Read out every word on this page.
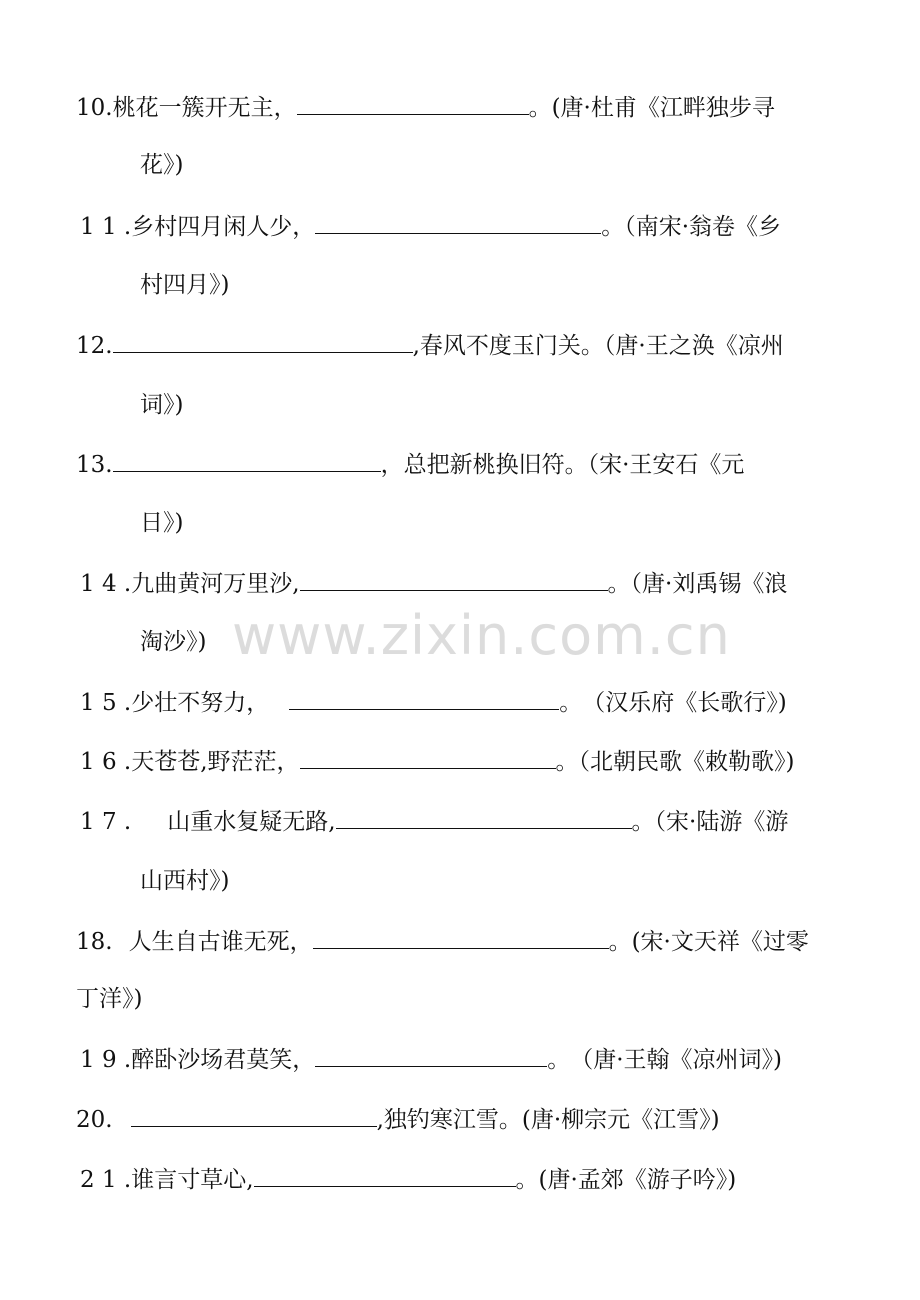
www.zixin.com.cn
10.桃花一簇开无主，	。(唐·杜甫《江畔独步寻
花》)
1 1 .乡村四月闲人少，	。（南宋·翁卷《乡
村四月》)
12.	,春风不度玉门关。（唐·王之涣《凉州
词》)
13.	，总把新桃换旧符。（宋·王安石《元
日》)
1 4 .九曲黄河万里沙,	。（唐·刘禹锡《浪
淘沙》)
1 5 .少壮不努力，	。　（汉乐府《长歌行》)
1 6 .天苍苍,野茫茫，	。（北朝民歌《敕勒歌》)
1 7 . 山重水复疑无路,	。（宋·陆游《游
山西村》)
18. 人生自古谁无死，	。(宋·文天祥《过零
丁洋》)
1 9 .醉卧沙场君莫笑，	。　（唐·王翰《凉州词》)
20.	,独钓寒江雪。(唐·柳宗元《江雪》)
2 1 .谁言寸草心,	。(唐·孟郊《游子吟》)
